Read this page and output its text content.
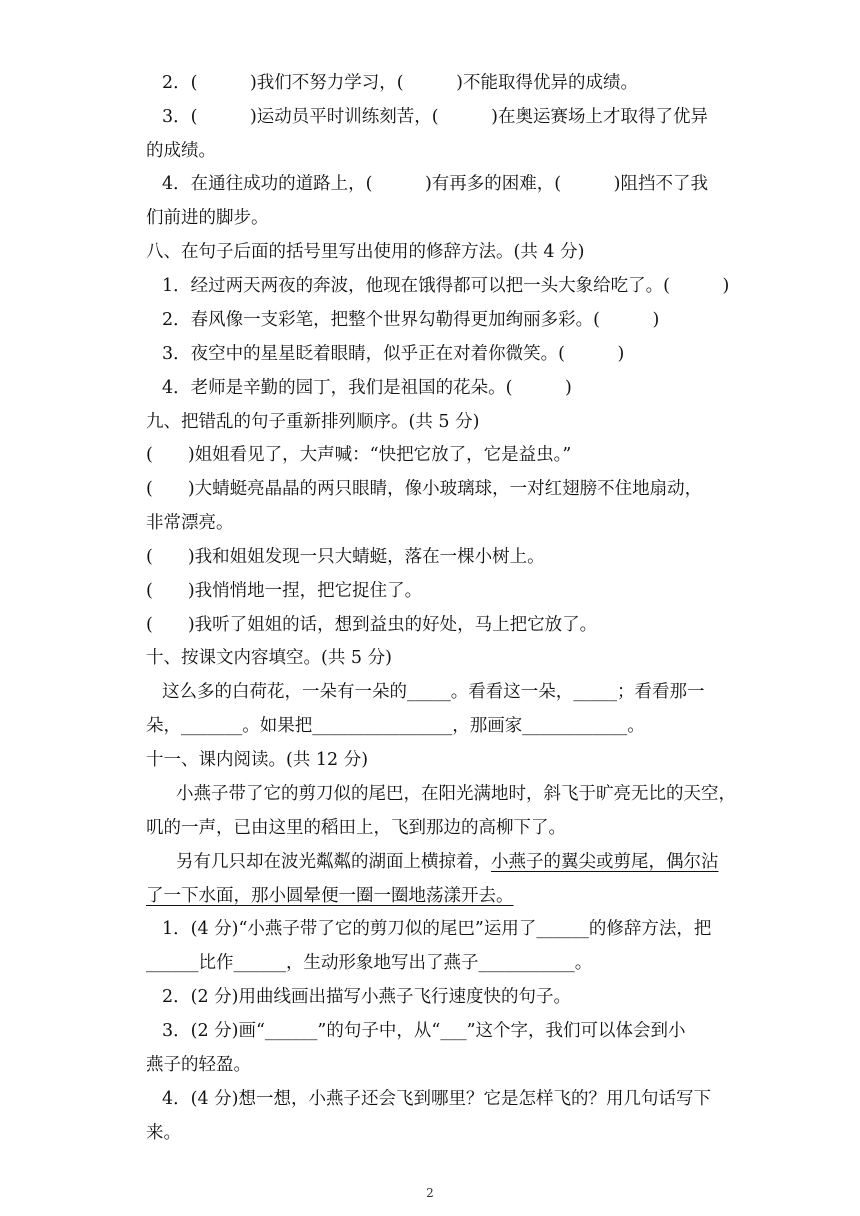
2．(　　　)我们不努力学习，(　　　)不能取得优异的成绩。
3．(　　　)运动员平时训练刻苦，(　　　)在奥运赛场上才取得了优异
的成绩。
4．在通往成功的道路上，(　　　)有再多的困难，(　　　)阻挡不了我
们前进的脚步。
八、在句子后面的括号里写出使用的修辞方法。(共 4 分)
1．经过两天两夜的奔波，他现在饿得都可以把一头大象给吃了。(　　　)
2．春风像一支彩笔，把整个世界勾勒得更加绚丽多彩。(　　　)
3．夜空中的星星眨着眼睛，似乎正在对着你微笑。(　　　)
4．老师是辛勤的园丁，我们是祖国的花朵。(　　　)
九、把错乱的句子重新排列顺序。(共 5 分)
(　　)姐姐看见了，大声喊：“快把它放了，它是益虫。”
(　　)大蜻蜓亮晶晶的两只眼睛，像小玻璃球，一对红翅膀不住地扇动，
非常漂亮。
(　　)我和姐姐发现一只大蜻蜓，落在一棵小树上。
(　　)我悄悄地一捏，把它捉住了。
(　　)我听了姐姐的话，想到益虫的好处，马上把它放了。
十、按课文内容填空。(共 5 分)
这么多的白荷花，一朵有一朵的_____。看看这一朵，_____；看看那一
朵，_______。如果把________________，那画家____________。
十一、课内阅读。(共 12 分)
小燕子带了它的剪刀似的尾巴，在阳光满地时，斜飞于旷亮无比的天空，
叽的一声，已由这里的稻田上，飞到那边的高柳下了。
另有几只却在波光粼粼的湖面上横掠着，小燕子的翼尖或剪尾，偶尔沾
了一下水面，那小圆晕便一圈一圈地荡漾开去。
1．(4 分)“小燕子带了它的剪刀似的尾巴”运用了______的修辞方法，把
______比作______，生动形象地写出了燕子___________。
2．(2 分)用曲线画出描写小燕子飞行速度快的句子。
3．(2 分)画“______”的句子中，从“___”这个字，我们可以体会到小
燕子的轻盈。
4．(4 分)想一想，小燕子还会飞到哪里？它是怎样飞的？用几句话写下
来。
2
